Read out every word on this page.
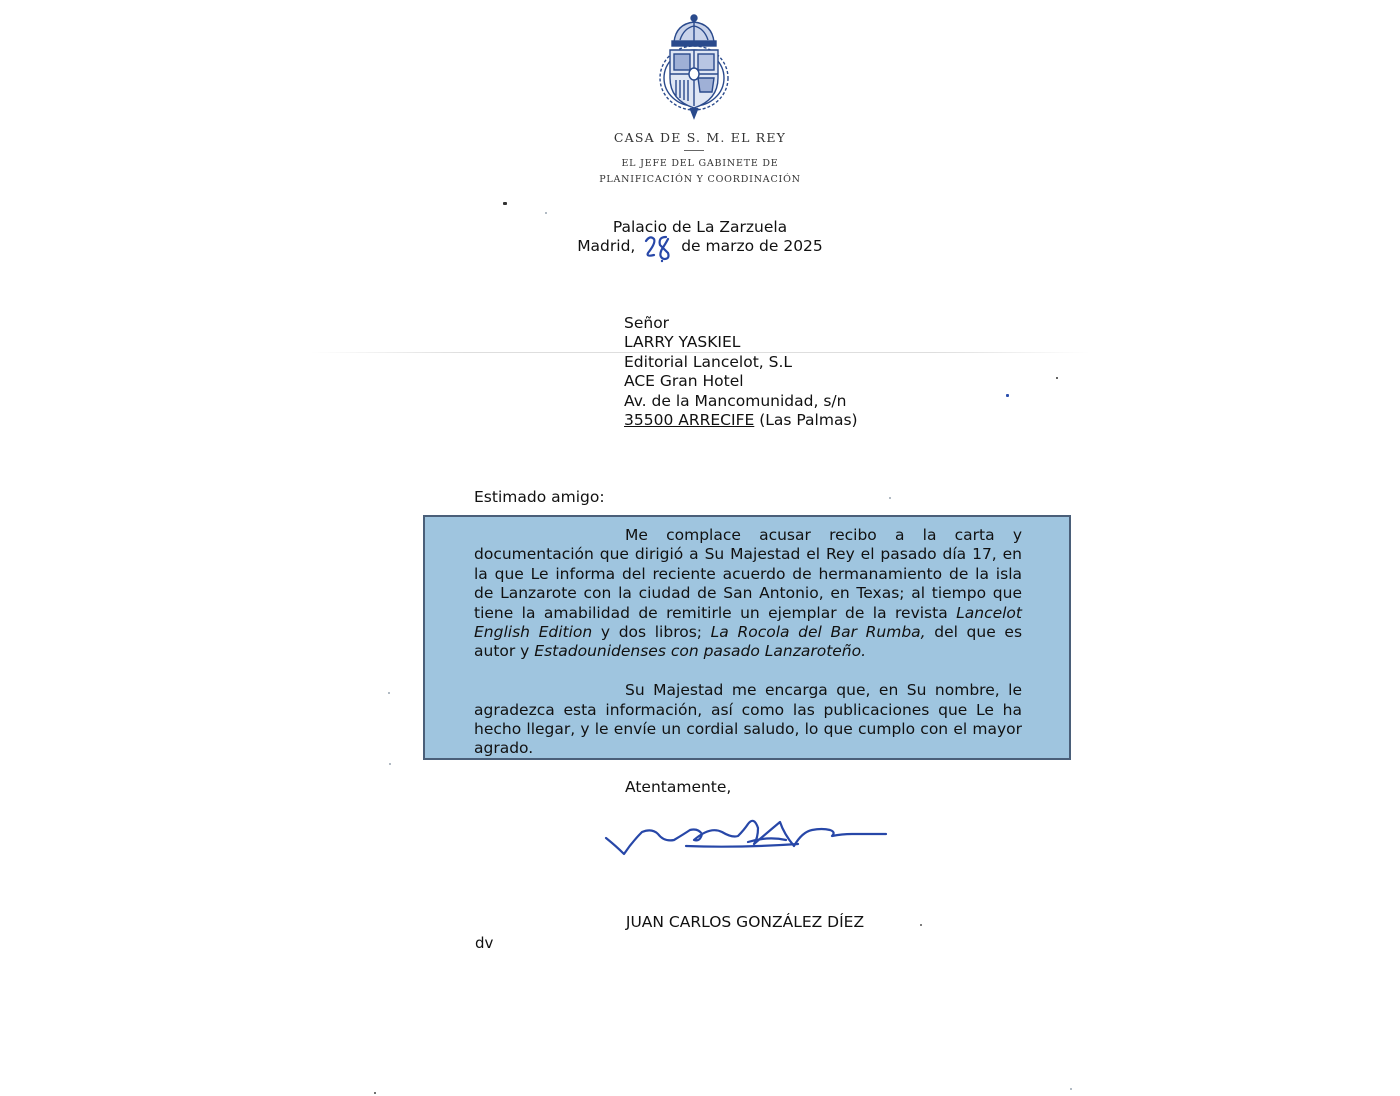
CASA DE S. M. EL REY
EL JEFE DEL GABINETE DE
PLANIFICACIÓN Y COORDINACIÓN
Palacio de La Zarzuela
Madrid,	de marzo de 2025
Señor
LARRY YASKIEL
Editorial Lancelot, S.L
ACE Gran Hotel
Av. de la Mancomunidad, s/n
35500 ARRECIFE (Las Palmas)
Estimado amigo:

Me complace acusar recibo a la carta y documentación que dirigió a Su Majestad el Rey el pasado día 17, en la que Le informa del reciente acuerdo de hermanamiento de la isla de Lanzarote con la ciudad de San Antonio, en Texas; al tiempo que tiene la amabilidad de remitirle un ejemplar de la revista Lancelot English Edition y dos libros; La Rocola del Bar Rumba, del que es autor y Estadounidenses con pasado Lanzaroteño.

Su Majestad me encarga que, en Su nombre, le agradezca esta información, así como las publicaciones que Le ha hecho llegar, y le envíe un cordial saludo, lo que cumplo con el mayor agrado.

Atentamente,

JUAN CARLOS GONZÁLEZ DÍEZ
dv
